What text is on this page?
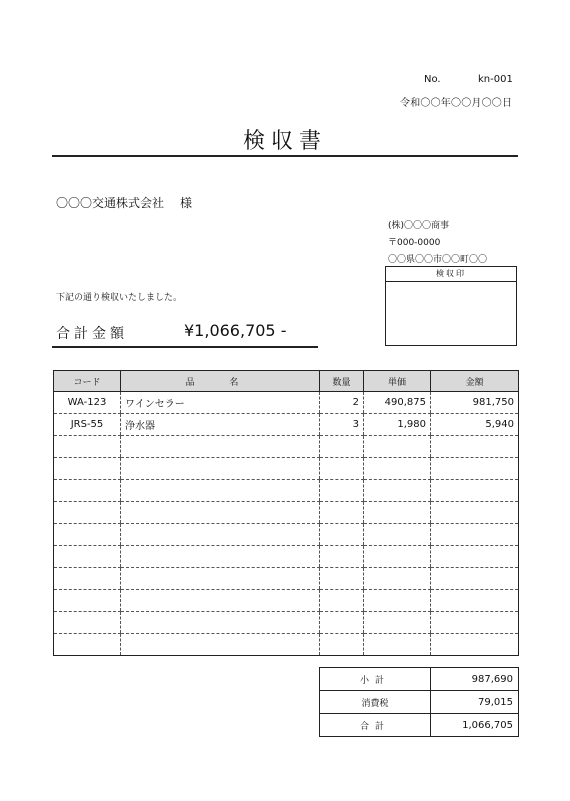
No.	kn-001
令和〇〇年〇〇月〇〇日
検収書
〇〇〇交通株式会社 様
(株)〇〇〇商事
〒000-0000
〇〇県〇〇市〇〇町〇〇
検収印
下記の通り検収いたしました。
合計金額	¥1,066,705 -
コード	品 名	数量	単価	金額
WA-123	ワインセラー	2	490,875	981,750
JRS-55	浄水器	3	1,980	5,940

小計	987,690
消費税	79,015
合計	1,066,705
